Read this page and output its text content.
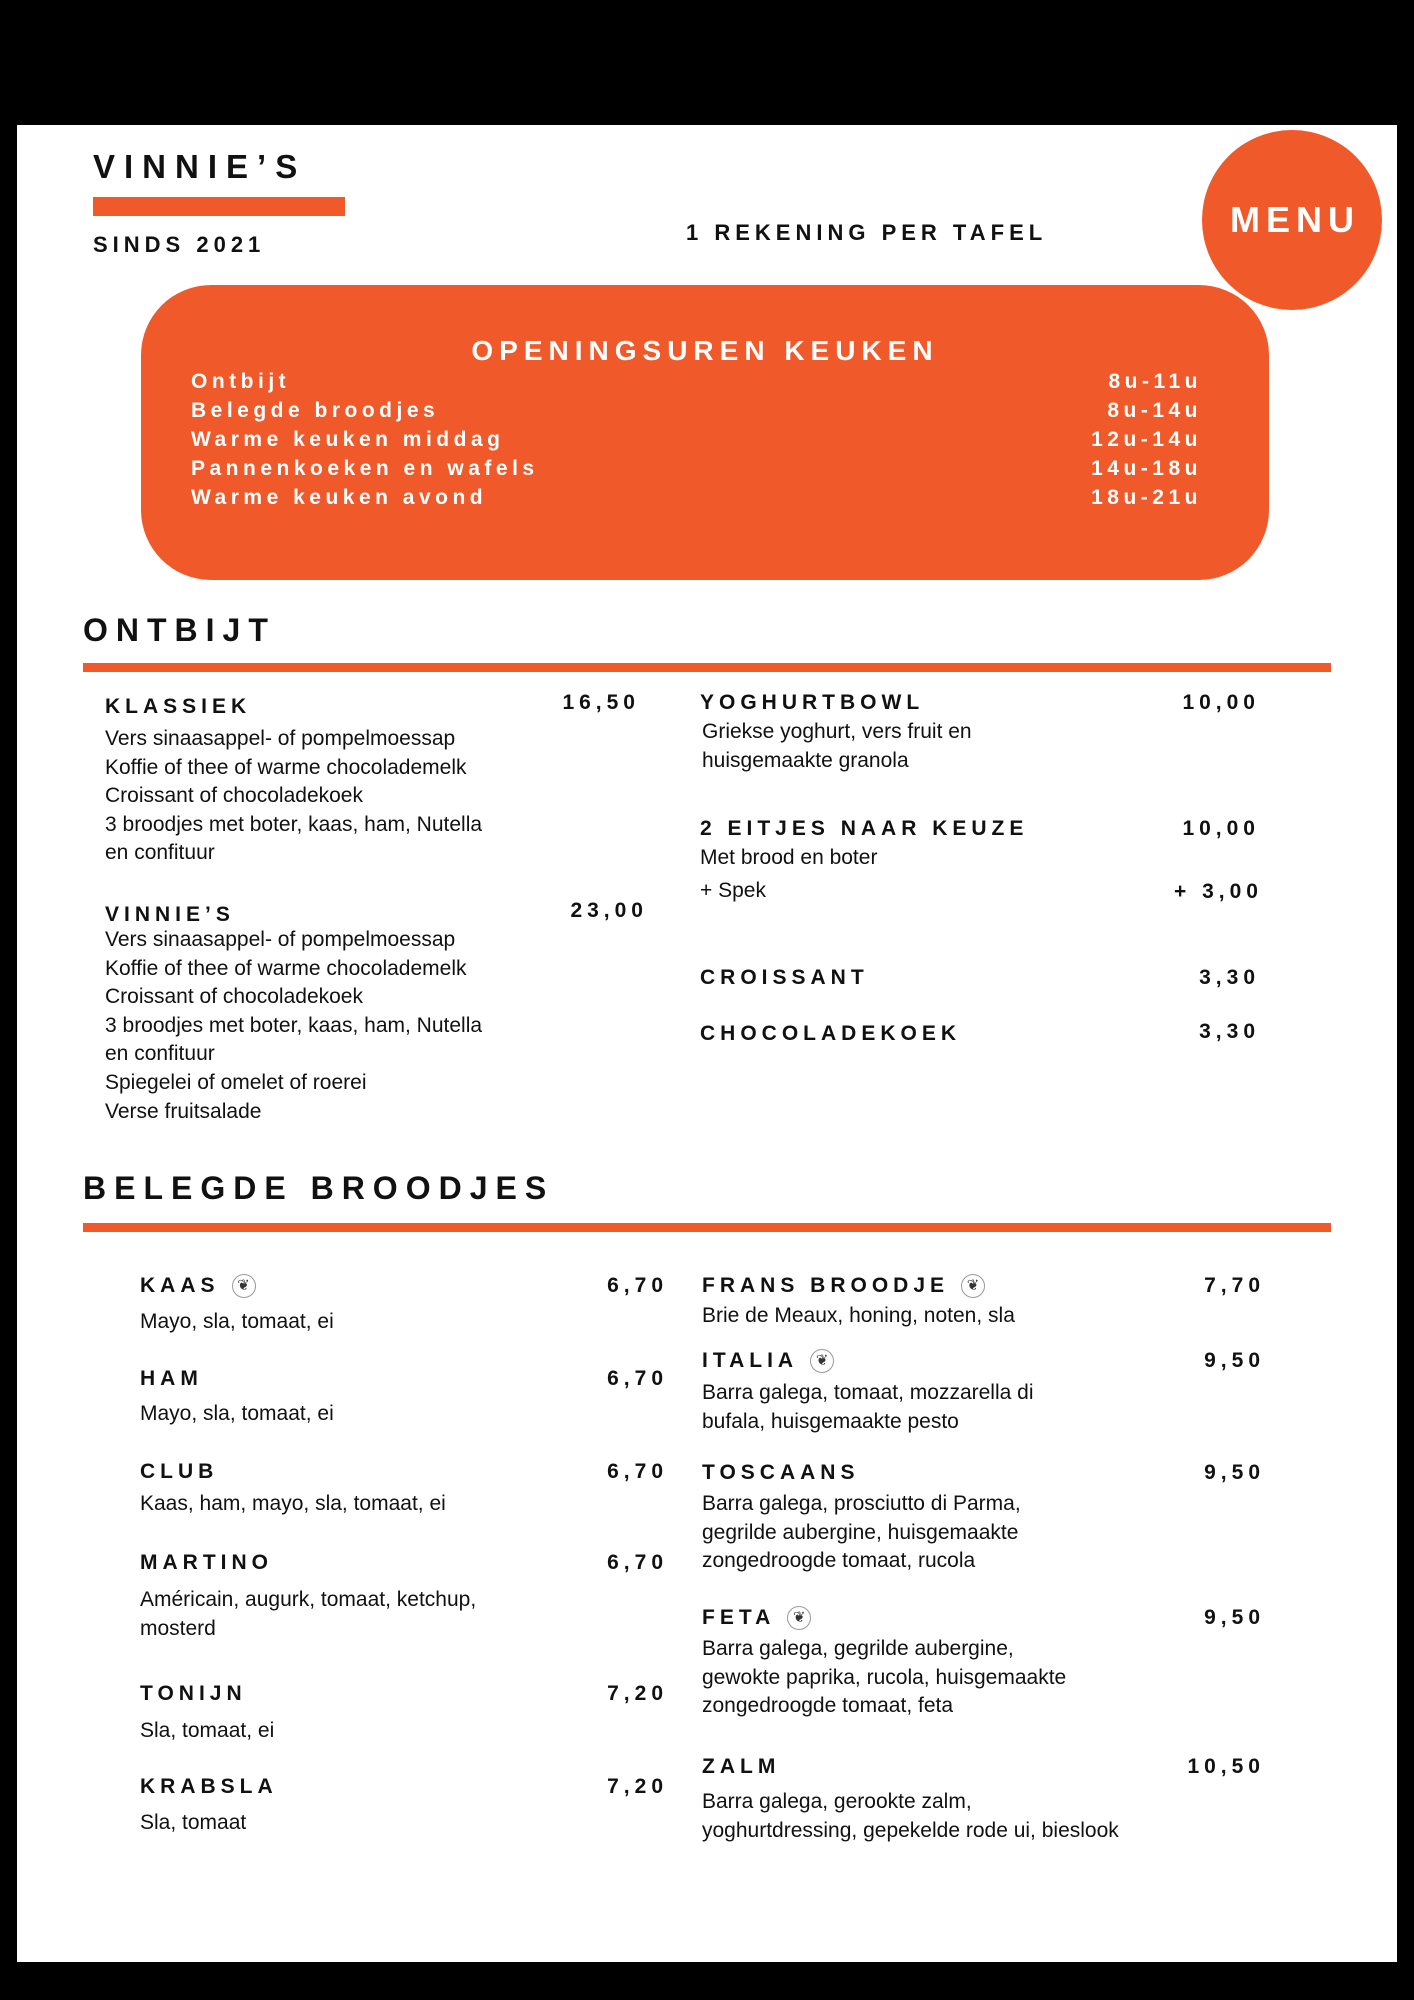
VINNIE’S
SINDS 2021	1 REKENING PER TAFEL	MENU
OPENINGSUREN KEUKEN
Ontbijt	8u-11u
Belegde broodjes	8u-14u
Warme keuken middag	12u-14u
Pannenkoeken en wafels	14u-18u
Warme keuken avond	18u-21u
ONTBIJT
KLASSIEK	16,50
Vers sinaasappel- of pompelmoessap
Koffie of thee of warme chocolademelk
Croissant of chocoladekoek
3 broodjes met boter, kaas, ham, Nutella
en confituur
VINNIE’S	23,00
Vers sinaasappel- of pompelmoessap
Koffie of thee of warme chocolademelk
Croissant of chocoladekoek
3 broodjes met boter, kaas, ham, Nutella
en confituur
Spiegelei of omelet of roerei
Verse fruitsalade
YOGHURTBOWL	10,00
Griekse yoghurt, vers fruit en
huisgemaakte granola
2 EITJES NAAR KEUZE	10,00
Met brood en boter
+ Spek	+ 3,00
CROISSANT	3,30
CHOCOLADEKOEK	3,30
BELEGDE BROODJES
KAAS ❦	6,70
Mayo, sla, tomaat, ei
HAM	6,70
Mayo, sla, tomaat, ei
CLUB	6,70
Kaas, ham, mayo, sla, tomaat, ei
MARTINO	6,70
Américain, augurk, tomaat, ketchup,
mosterd
TONIJN	7,20
Sla, tomaat, ei
KRABSLA	7,20
Sla, tomaat
FRANS BROODJE ❦	7,70
Brie de Meaux, honing, noten, sla
ITALIA ❦	9,50
Barra galega, tomaat, mozzarella di
bufala, huisgemaakte pesto
TOSCAANS	9,50
Barra galega, prosciutto di Parma,
gegrilde aubergine, huisgemaakte
zongedroogde tomaat, rucola
FETA ❦	9,50
Barra galega, gegrilde aubergine,
gewokte paprika, rucola, huisgemaakte
zongedroogde tomaat, feta
ZALM	10,50
Barra galega, gerookte zalm,
yoghurtdressing, gepekelde rode ui, bieslook
